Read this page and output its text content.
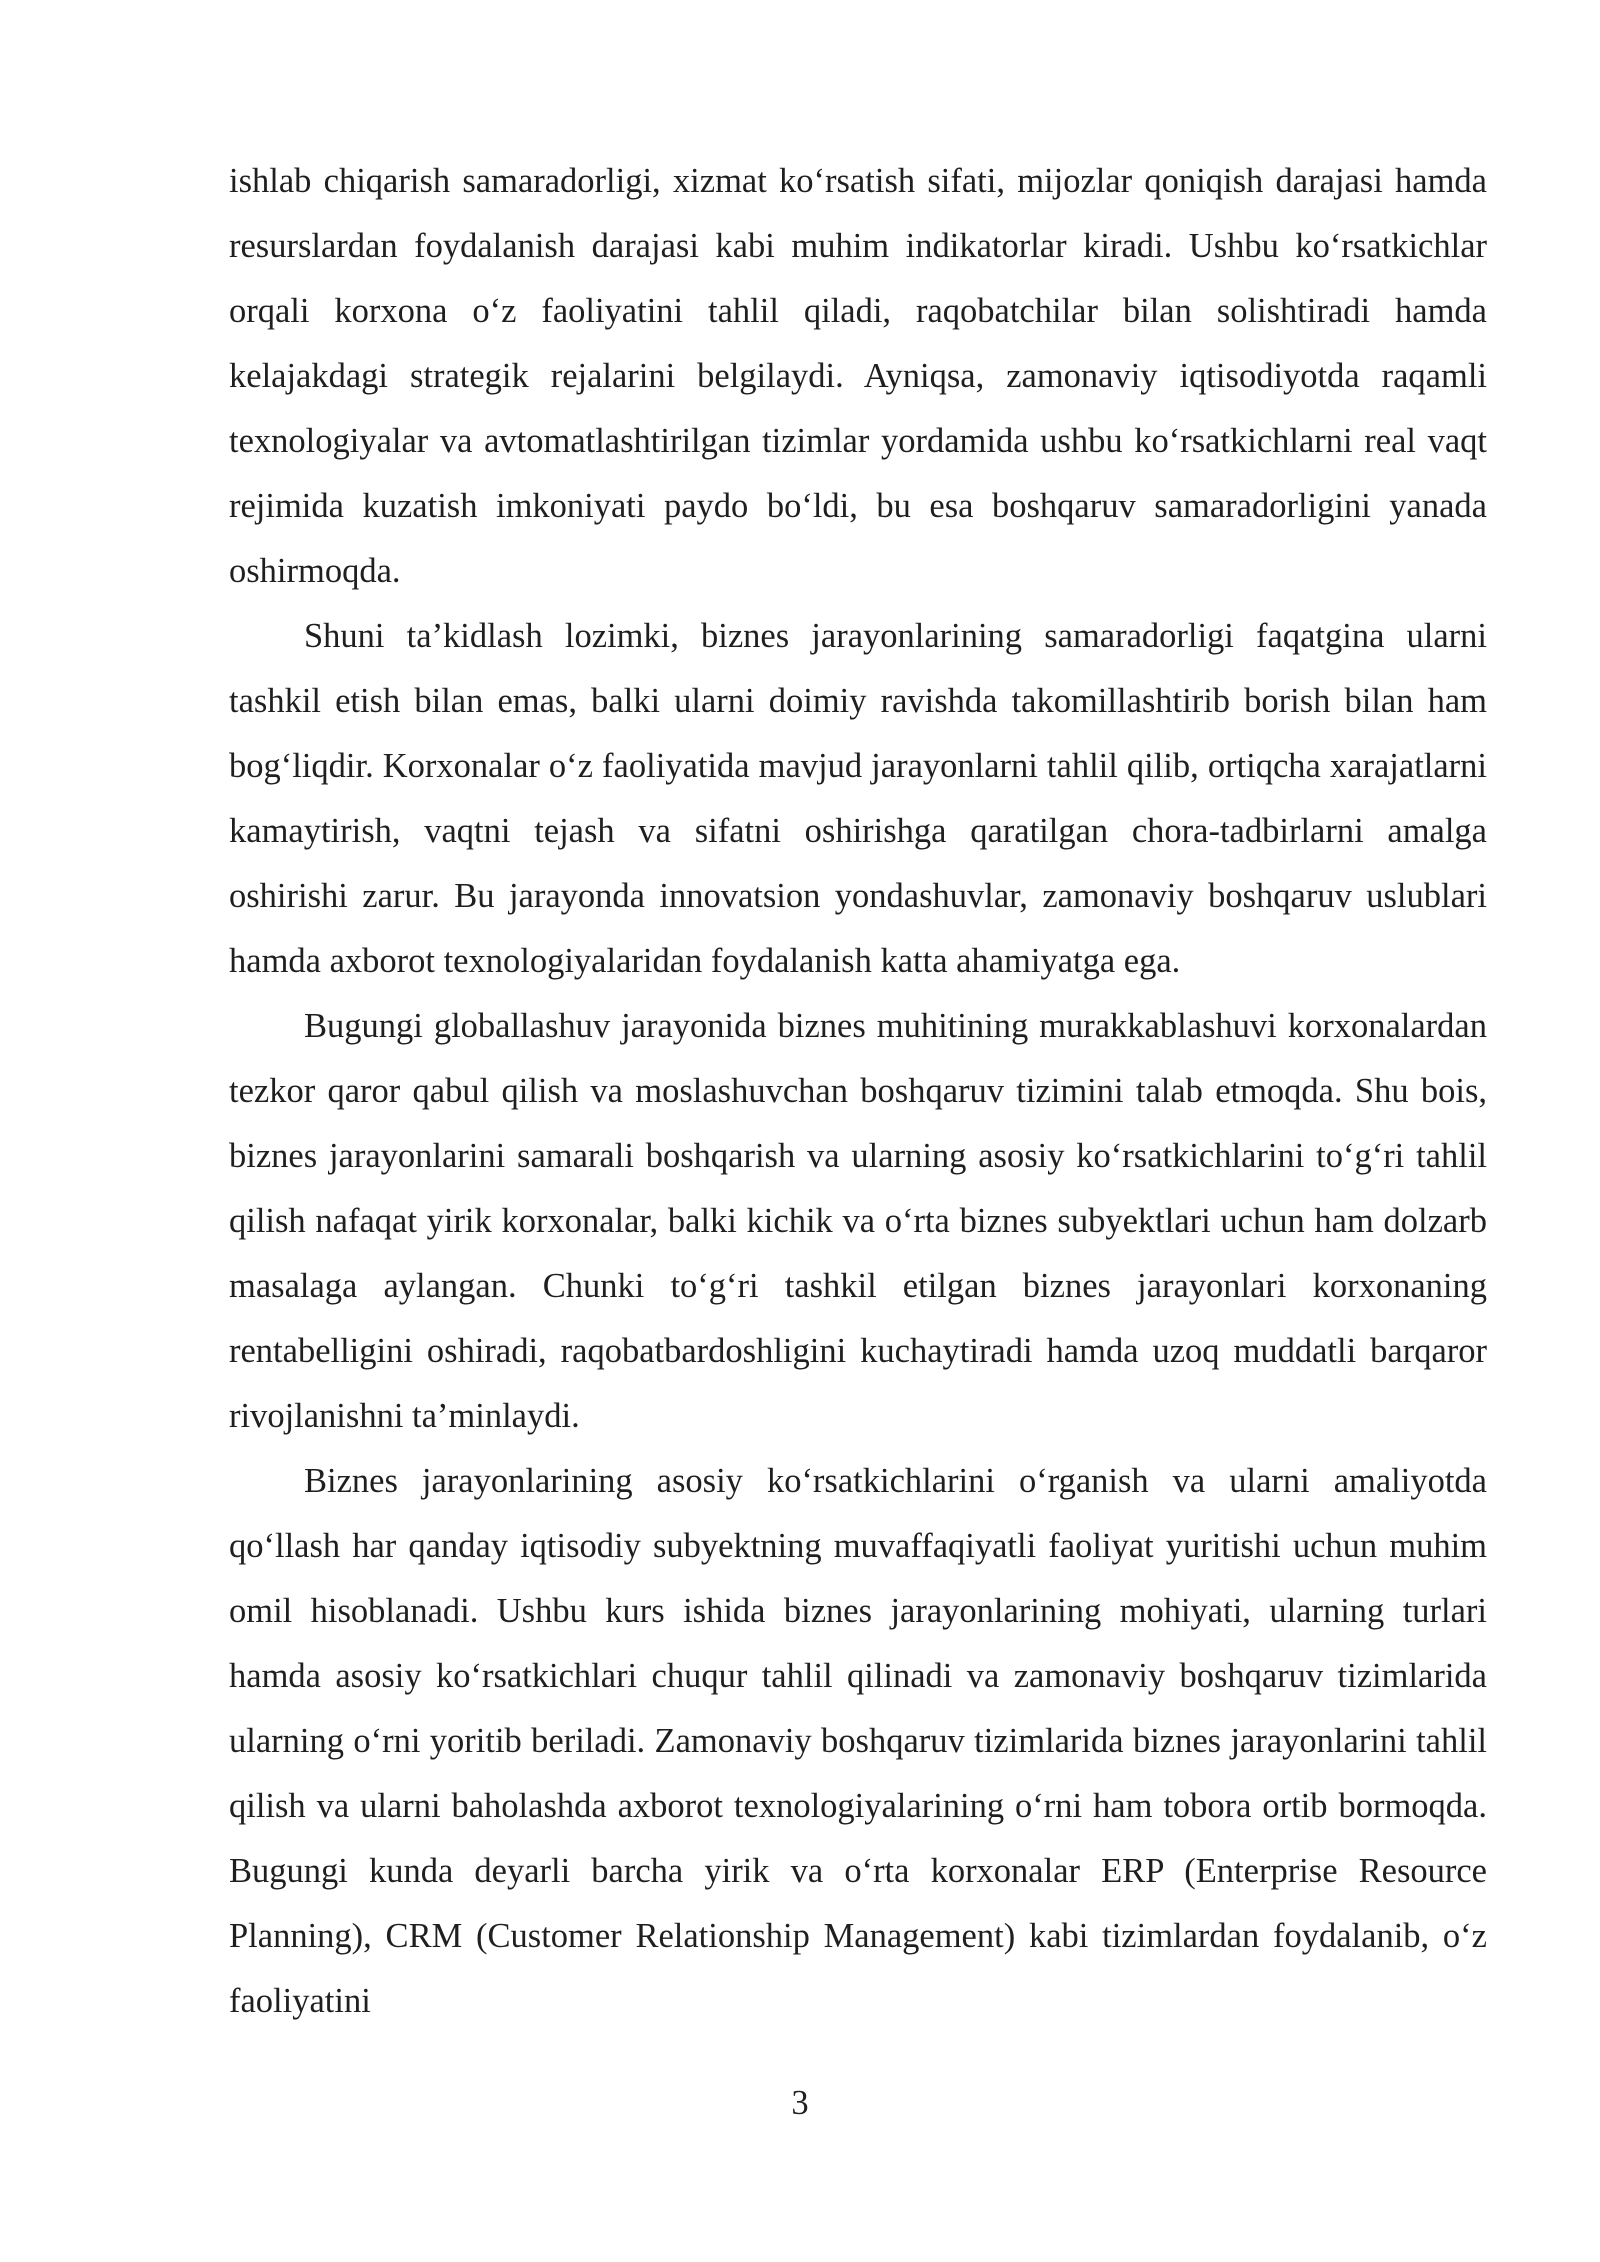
ishlab chiqarish samaradorligi, xizmat ko‘rsatish sifati, mijozlar qoniqish darajasi hamda resurslardan foydalanish darajasi kabi muhim indikatorlar kiradi. Ushbu ko‘rsatkichlar orqali korxona o‘z faoliyatini tahlil qiladi, raqobatchilar bilan solishtiradi hamda kelajakdagi strategik rejalarini belgilaydi. Ayniqsa, zamonaviy iqtisodiyotda raqamli texnologiyalar va avtomatlashtirilgan tizimlar yordamida ushbu ko‘rsatkichlarni real vaqt rejimida kuzatish imkoniyati paydo bo‘ldi, bu esa boshqaruv samaradorligini yanada oshirmoqda.

Shuni ta’kidlash lozimki, biznes jarayonlarining samaradorligi faqatgina ularni tashkil etish bilan emas, balki ularni doimiy ravishda takomillashtirib borish bilan ham bog‘liqdir. Korxonalar o‘z faoliyatida mavjud jarayonlarni tahlil qilib, ortiqcha xarajatlarni kamaytirish, vaqtni tejash va sifatni oshirishga qaratilgan chora-tadbirlarni amalga oshirishi zarur. Bu jarayonda innovatsion yondashuvlar, zamonaviy boshqaruv uslublari hamda axborot texnologiyalaridan foydalanish katta ahamiyatga ega.

Bugungi globallashuv jarayonida biznes muhitining murakkablashuvi korxonalardan tezkor qaror qabul qilish va moslashuvchan boshqaruv tizimini talab etmoqda. Shu bois, biznes jarayonlarini samarali boshqarish va ularning asosiy ko‘rsatkichlarini to‘g‘ri tahlil qilish nafaqat yirik korxonalar, balki kichik va o‘rta biznes subyektlari uchun ham dolzarb masalaga aylangan. Chunki to‘g‘ri tashkil etilgan biznes jarayonlari korxonaning rentabelligini oshiradi, raqobatbardoshligini kuchaytiradi hamda uzoq muddatli barqaror rivojlanishni ta’minlaydi.

Biznes jarayonlarining asosiy ko‘rsatkichlarini o‘rganish va ularni amaliyotda qo‘llash har qanday iqtisodiy subyektning muvaffaqiyatli faoliyat yuritishi uchun muhim omil hisoblanadi. Ushbu kurs ishida biznes jarayonlarining mohiyati, ularning turlari hamda asosiy ko‘rsatkichlari chuqur tahlil qilinadi va zamonaviy boshqaruv tizimlarida ularning o‘rni yoritib beriladi. Zamonaviy boshqaruv tizimlarida biznes jarayonlarini tahlil qilish va ularni baholashda axborot texnologiyalarining o‘rni ham tobora ortib bormoqda. Bugungi kunda deyarli barcha yirik va o‘rta korxonalar ERP (Enterprise Resource Planning), CRM (Customer Relationship Management) kabi tizimlardan foydalanib, o‘z faoliyatini

3
